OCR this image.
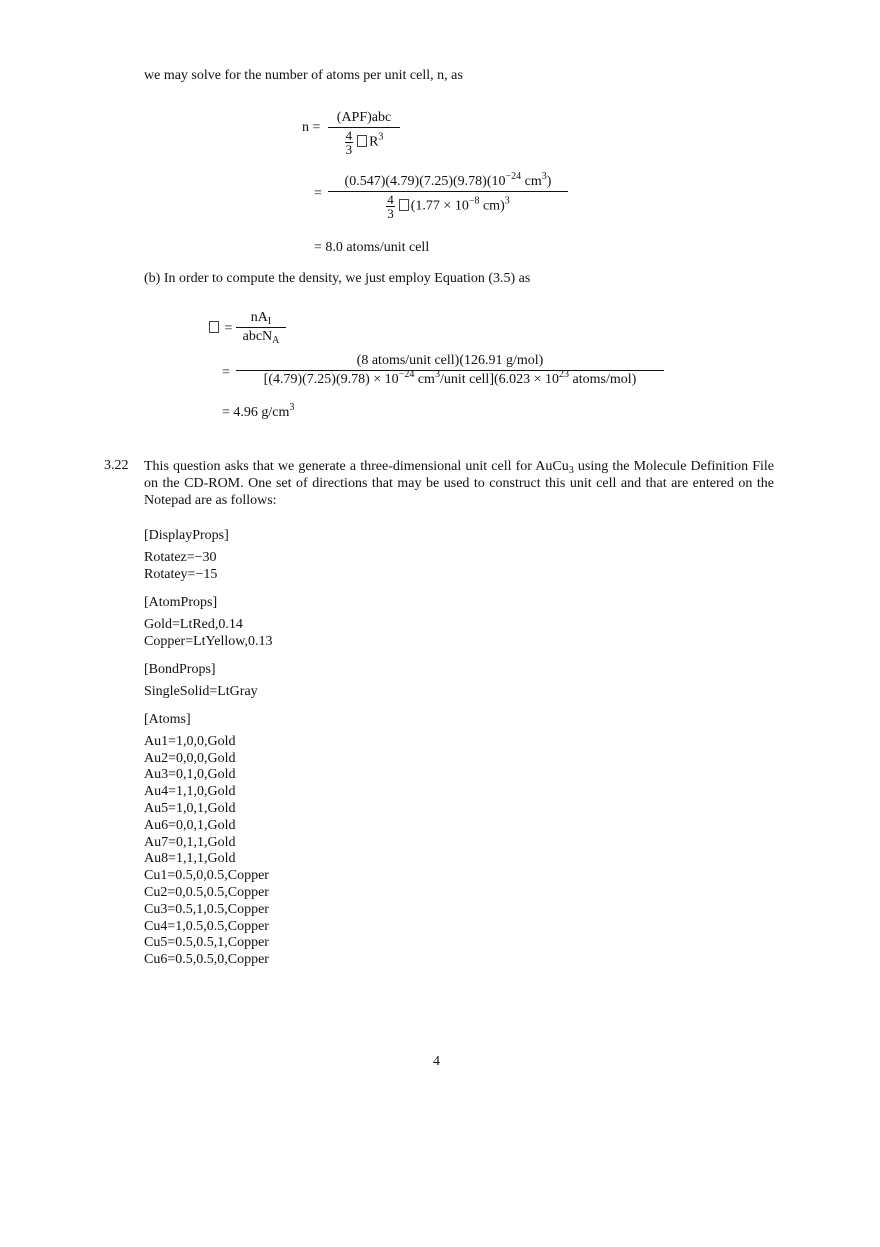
we may solve for the number of atoms per unit cell, n, as
n =
(APF)abc
$\frac{4}{3} R^3$
= $\frac{(0.547)(4.79)(7.25)(9.78)(10^{-24} cm^3)}{\frac{4}{3} (1.77 \times 10^{-8} cm)^3}$
= 8.0 atoms/unit cell
(b) In order to compute the density, we just employ Equation (3.5) as
=
$nA_I$
abcN$_A$
=
(8 atoms/unit cell)(126.91 g/mol)
[$(4.79)(7.25)(9.78) \times 10^{-24}$ $cm^3$/unit cell](6.023 × $10^{23}$ atoms/mol)
= 4.96 $g/cm^3$
3.22 This question asks that we generate a three-dimensional unit cell for AuCu$_3$ using the Molecule Definition File on the CD-ROM. One set of directions that may be used to construct this unit cell and that are entered on the Notepad are as follows:
[DisplayProps]
Rotatez=−30
Rotatey=−15
[AtomProps]
Gold=LtRed,0.14
Copper=LtYellow,0.13
[BondProps]
SingleSolid=LtGray
[Atoms]
Au1=1,0,0,Gold
Au2=0,0,0,Gold
Au3=0,1,0,Gold
Au4=1,1,0,Gold
Au5=1,0,1,Gold
Au6=0,0,1,Gold
Au7=0,1,1,Gold
Au8=1,1,1,Gold
Cu1=0.5,0,0.5,Copper
Cu2=0,0.5,0.5,Copper
Cu3=0.5,1,0.5,Copper
Cu4=1,0.5,0.5,Copper
Cu5=0.5,0.5,1,Copper
Cu6=0.5,0.5,0,Copper
4
